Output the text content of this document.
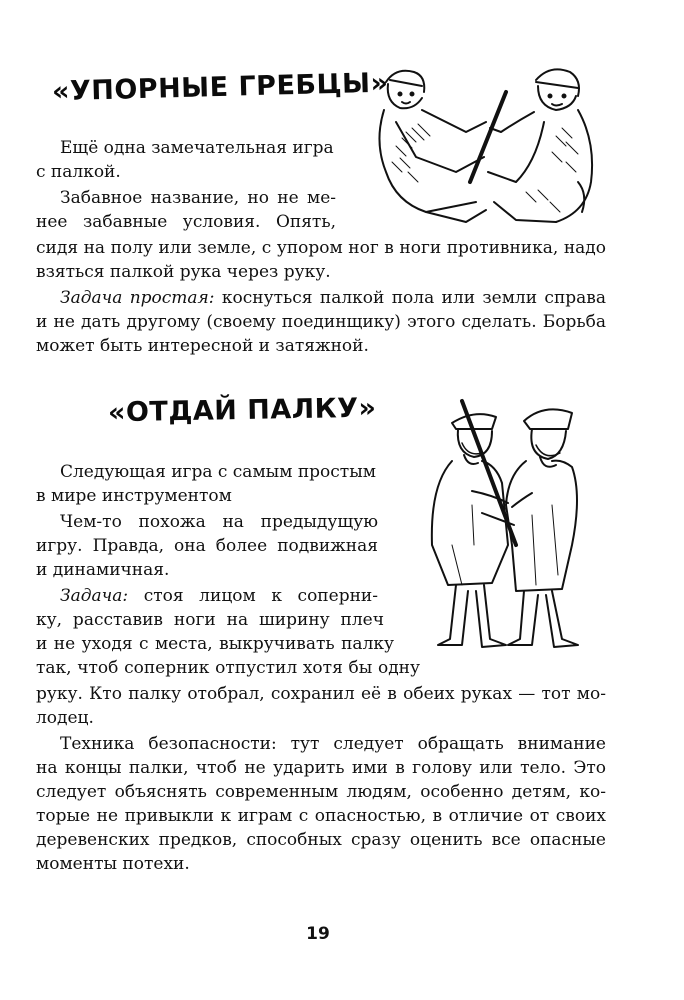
«УПОРНЫЕ ГРЕБЦЫ»
Ещё одна замечательная игра
с палкой.
Забавное название, но не ме-
нее забавные условия. Опять,
сидя на полу или земле, с упором ног в ноги противника, надо
взяться палкой рука через руку.
Задача простая: коснуться палкой пола или земли справа
и не дать другому (своему поединщику) этого сделать. Борьба
может быть интересной и затяжной.
«ОТДАЙ ПАЛКУ»
Следующая игра с самым простым
в мире инструментом
Чем-то похожа на предыдущую
игру. Правда, она более подвижная
и динамичная.
Задача: стоя лицом к соперни-
ку, расставив ноги на ширину плеч
и не уходя с места, выкручивать палку
так, чтоб соперник отпустил хотя бы одну
руку. Кто палку отобрал, сохранил её в обеих руках — тот мо-
лодец.
Техника безопасности: тут следует обращать внимание
на концы палки, чтоб не ударить ими в голову или тело. Это
следует объяснять современным людям, особенно детям, ко-
торые не привыкли к играм с опасностью, в отличие от своих
деревенских предков, способных сразу оценить все опасные
моменты потехи.
19
